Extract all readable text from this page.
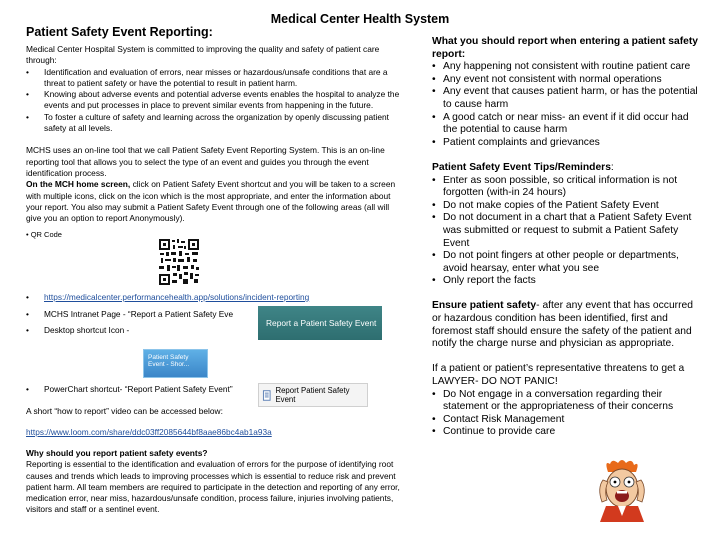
Medical Center Health System
Patient Safety Event Reporting:

Medical Center Hospital System is committed to improving the quality and safety of patient care through:

• Identification and evaluation of errors, near misses or hazardous/unsafe conditions that are a threat to patient safety or have the potential to result in patient harm.
• Knowing about adverse events and potential adverse events enables the hospital to analyze the events and put processes in place to prevent similar events from happening in the future.
• To foster a culture of safety and learning across the organization by openly discussing patient safety at all levels.

MCHS uses an on-line tool that we call Patient Safety Event Reporting System. This is an on-line reporting tool that allows you to select the type of an event and guides you through the event identification process.

On the MCH home screen, click on Patient Safety Event shortcut and you will be taken to a screen with multiple icons, click on the icon which is the most appropriate, and enter the information about your report. You also may submit a Patient Safety Event through one of the following areas (all will give you an option to report Anonymously).

• QR Code
• https://medicalcenter.performancehealth.app/solutions/incident-reporting
• MCHS Intranet Page - “Report a Patient Safety Eve
• Desktop shortcut Icon -
Report a Patient Safety Event
Patient Safety Event - Shor...
• PowerChart shortcut- “Report Patient Safety Event”	Report Patient Safety Event
A short “how to report” video can be accessed below:
https://www.loom.com/share/ddc03ff2085644bf8aae86bc4ab1a93a

Why should you report patient safety events?

Reporting is essential to the identification and evaluation of errors for the purpose of identifying root causes and trends which leads to improving processes which is essential to reduce risk and prevent patient harm. All team members are required to participate in the detection and reporting of any error, medication error, near miss, hazardous/unsafe condition, process failure, injuries involving patients, visitors and staff or a sentinel event.

What you should report when entering a patient safety report:
• Any happening not consistent with routine patient care
• Any event not consistent with normal operations
• Any event that causes patient harm, or has the potential to cause harm
• A good catch or near miss- an event if it did occur had the potential to cause harm
• Patient complaints and grievances

Patient Safety Event Tips/Reminders:

• Enter as soon possible, so critical information is not forgotten (with-in 24 hours)
• Do not make copies of the Patient Safety Event
• Do not document in a chart that a Patient Safety Event was submitted or request to submit a Patient Safety Event
• Do not point fingers at other people or departments, avoid hearsay, enter what you see
• Only report the facts

Ensure patient safety- after any event that has occurred or hazardous condition has been identified, first and foremost staff should ensure the safety of the patient and notify the charge nurse and physician as appropriate.

If a patient or patient’s representative threatens to get a LAWYER- DO NOT PANIC!

• Do Not engage in a conversation regarding their statement or the appropriateness of their concerns
• Contact Risk Management
• Continue to provide care
